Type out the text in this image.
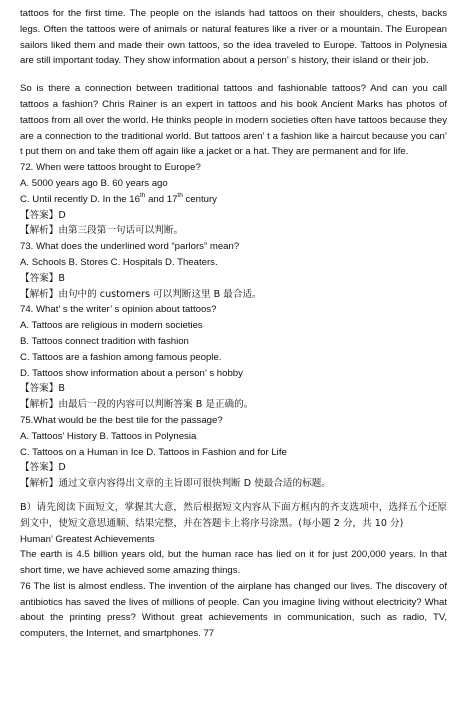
tattoos for the first time. The people on the islands had tattoos on their shoulders, chests, backs legs. Often the tattoos were of animals or natural features like a river or a mountain. The European sailors liked them and made their own tattoos, so the idea traveled to Europe. Tattoos in Polynesia are still important today. They show information about a person’ s history, their island or their job.

So is there a connection between traditional tattoos and fashionable tattoos? And can you call tattoos a fashion? Chris Rainer is an expert in tattoos and his book Ancient Marks has photos of tattoos from all over the world. He thinks people in modern societies often have tattoos because they are a connection to the traditional world. But tattoos aren’ t a fashion like a haircut because you can’ t put them on and take them off again like a jacket or a hat. They are permanent and for life.

72. When were tattoos brought to Europe?
A. 5000 years ago B. 60 years ago
C. Until recently D. In the 16th and 17th century
【答案】D
【解析】由第三段第一句话可以判断。
73. What does the underlined word “parlors” mean?
A. Schools B. Stores C. Hospitals D. Theaters.
【答案】B
【解析】由句中的 customers 可以判断这里 B 最合适。
74. What’ s the writer’ s opinion about tattoos?
A. Tattoos are religious in modern societies
B. Tattoos connect tradition with fashion
C. Tattoos are a fashion among famous people.
D. Tattoos show information about a person’ s hobby
【答案】B
【解析】由最后一段的内容可以判断答案 B 是正确的。
75.What would be the best tile for the passage?
A. Tattoos’ History B. Tattoos in Polynesia
C. Tattoos on a Human in Ice D. Tattoos in Fashion and for Life
【答案】D
【解析】通过文章内容得出文章的主旨即可很快判断 D 使最合适的标题。

B）请先阅读下面短文，掌握其大意，然后根据短文内容从下面方框内的齐支选项中，选择五个还原到文中，使短文意思通顺、结果完整，并在答题卡上将序号涂黑。(每小题 2 分，共 10 分)

Human’ Greatest Achievements

The earth is 4.5 billion years old, but the human race has lied on it for just 200,000 years. In that short time, we have achieved some amazing things.

76 The list is almost endless. The invention of the airplane has changed our lives. The discovery of antibiotics has saved the lives of millions of people. Can you imagine living without electricity? What about the printing press? Without great achievements in communication, such as radio, TV, computers, the Internet, and smartphones. 77
